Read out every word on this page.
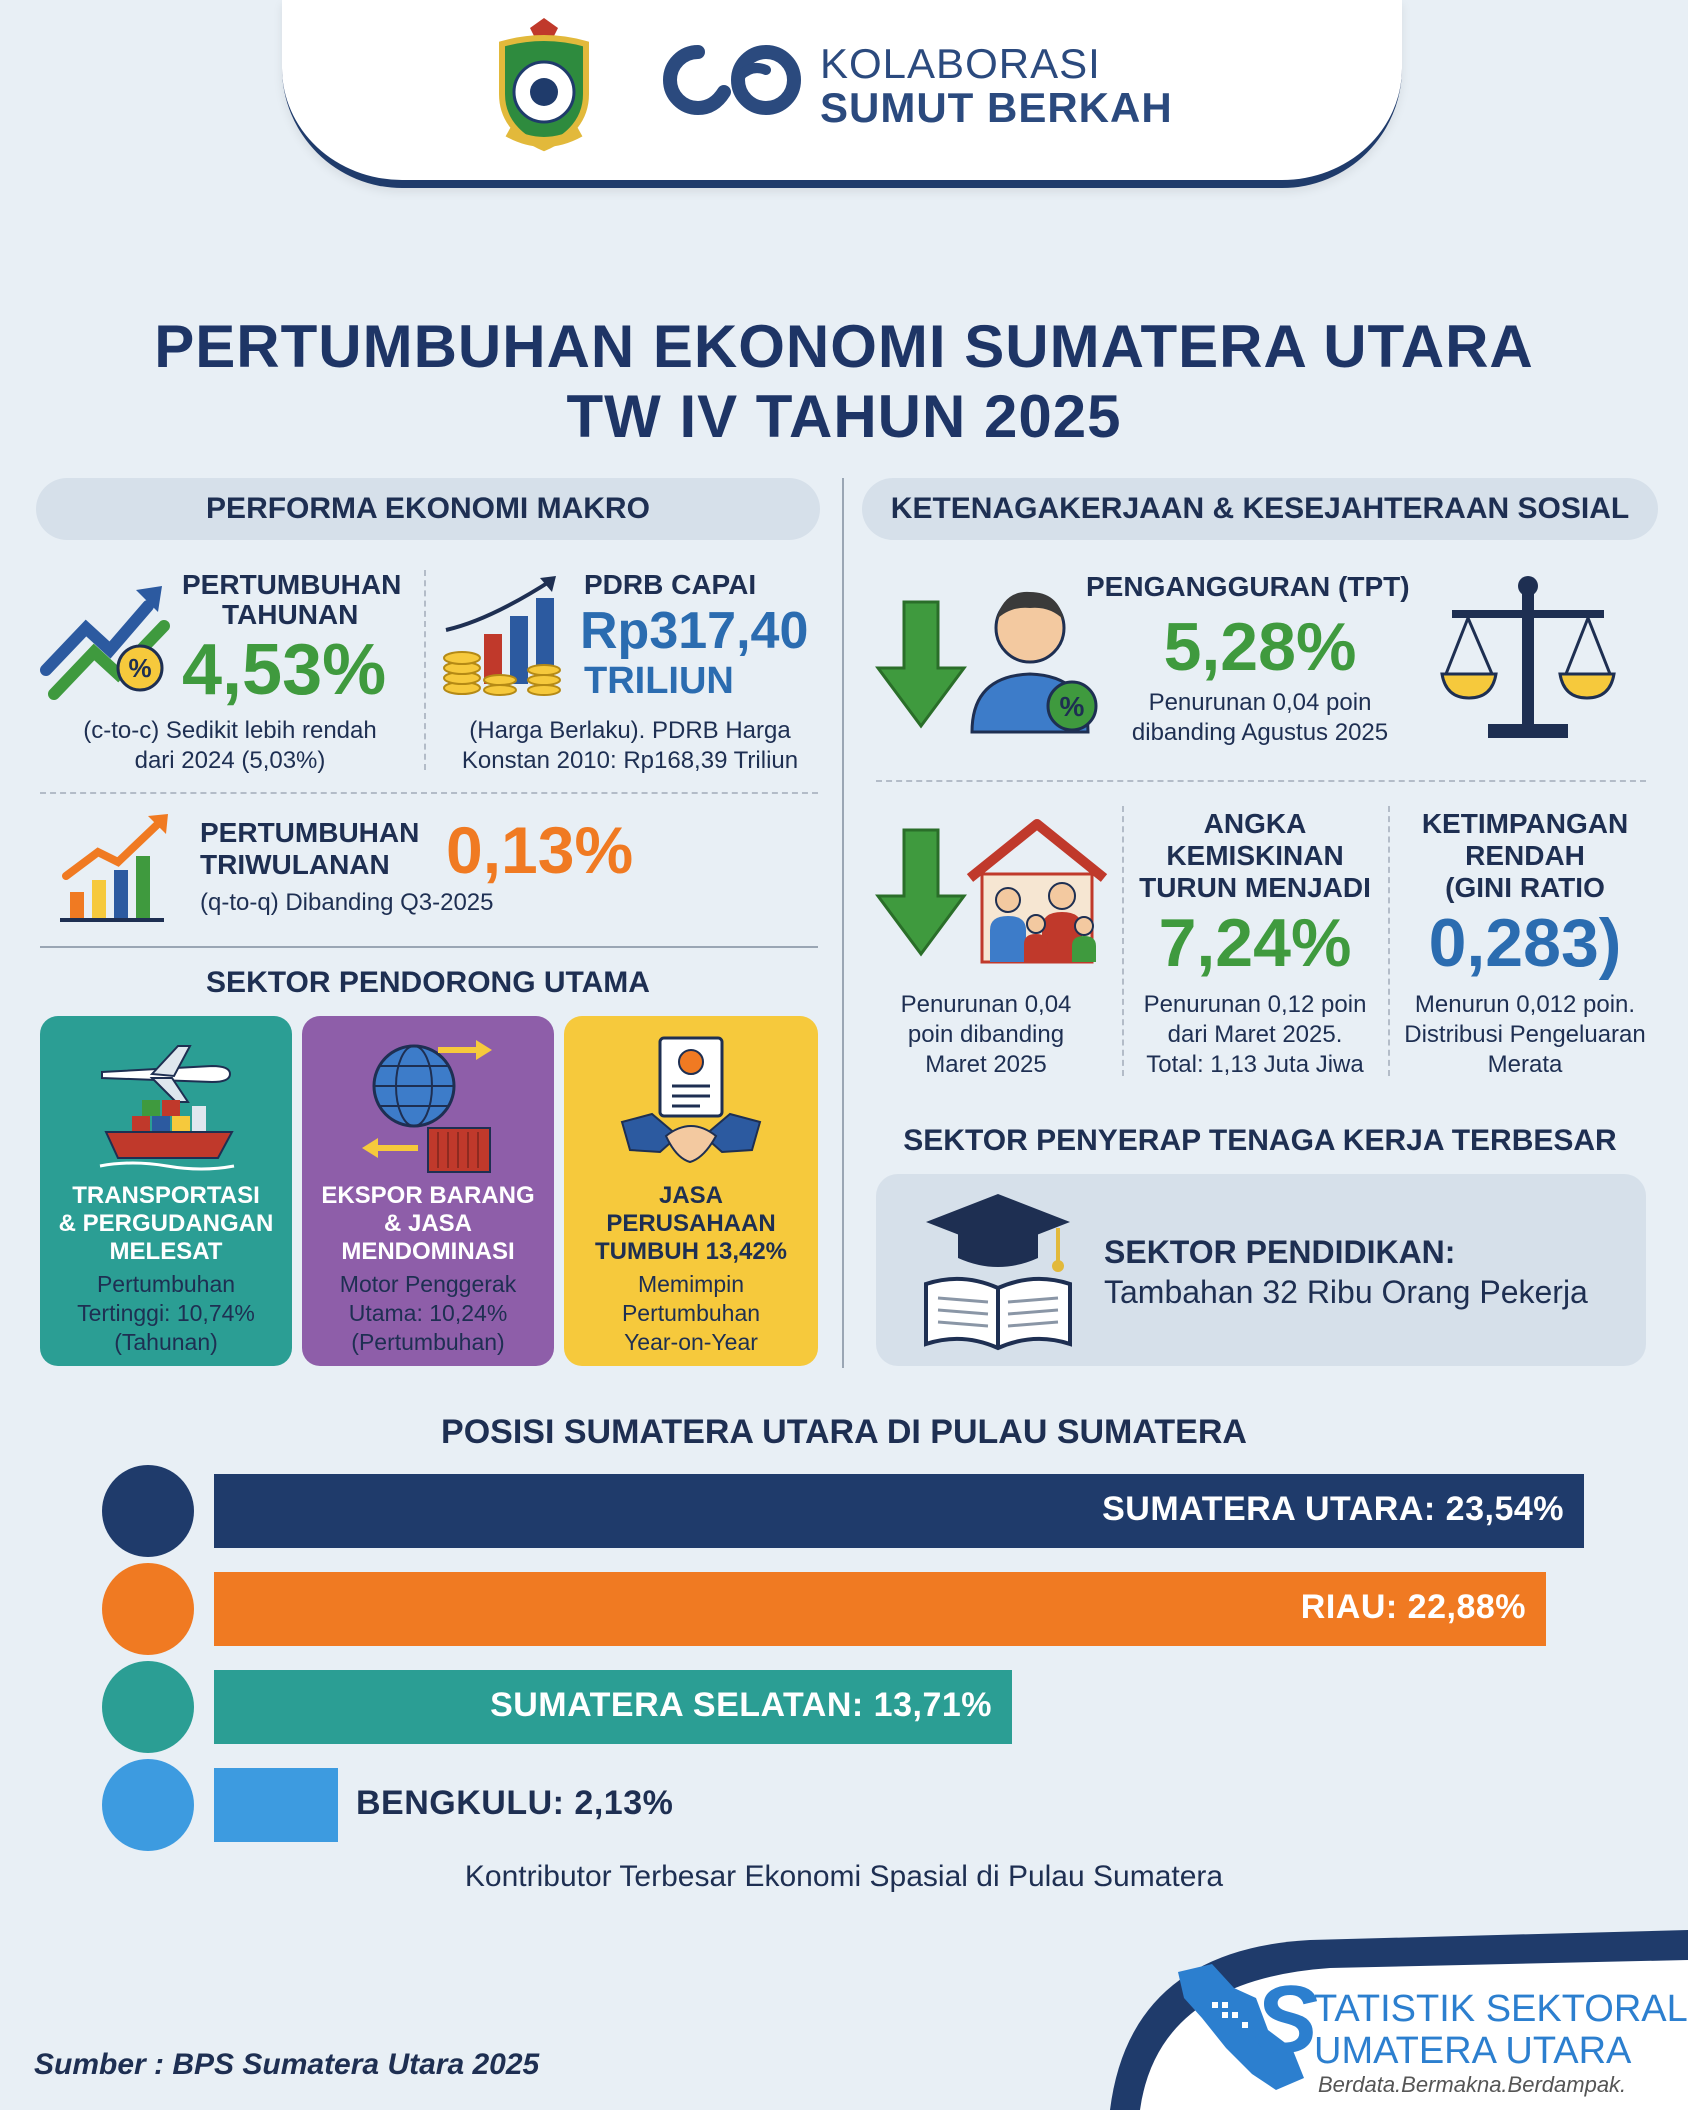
KOLABORASI
SUMUT BERKAH
PERTUMBUHAN EKONOMI SUMATERA UTARA
TW IV TAHUN 2025
PERFORMA EKONOMI MAKRO	KETENAGAKERJAAN & KESEJAHTERAAN SOSIAL
%
PERTUMBUHAN
TAHUNAN
4,53%
(c-to-c) Sedikit lebih rendah
dari 2024 (5,03%)
PDRB CAPAI
Rp317,40
TRILIUN
(Harga Berlaku). PDRB Harga
Konstan 2010: Rp168,39 Triliun
PERTUMBUHAN
TRIWULANAN 0,13%
(q-to-q) Dibanding Q3-2025
SEKTOR PENDORONG UTAMA
TRANSPORTASI
& PERGUDANGAN
MELESAT
Pertumbuhan
Tertinggi: 10,74%
(Tahunan)
EKSPOR BARANG
& JASA
MENDOMINASI
Motor Penggerak
Utama: 10,24%
(Pertumbuhan)
JASA
PERUSAHAAN
TUMBUH 13,42%
Memimpin
Pertumbuhan
Year-on-Year
%
PENGANGGURAN (TPT)
5,28%
Penurunan 0,04 poin
dibanding Agustus 2025
Penurunan 0,04
poin dibanding
Maret 2025
ANGKA
KEMISKINAN
TURUN MENJADI
7,24%
Penurunan 0,12 poin
dari Maret 2025.
Total: 1,13 Juta Jiwa
KETIMPANGAN
RENDAH
(GINI RATIO
0,283)
Menurun 0,012 poin.
Distribusi Pengeluaran
Merata
SEKTOR PENYERAP TENAGA KERJA TERBESAR
SEKTOR PENDIDIKAN:
Tambahan 32 Ribu Orang Pekerja
POSISI SUMATERA UTARA DI PULAU SUMATERA
SUMATERA UTARA: 23,54%
RIAU: 22,88%
SUMATERA SELATAN: 13,71%
BENGKULU: 2,13%
Kontributor Terbesar Ekonomi Spasial di Pulau Sumatera
S
TATISTIK SEKTORAL
UMATERA UTARA
Berdata.Bermakna.Berdampak.
Sumber : BPS Sumatera Utara 2025
